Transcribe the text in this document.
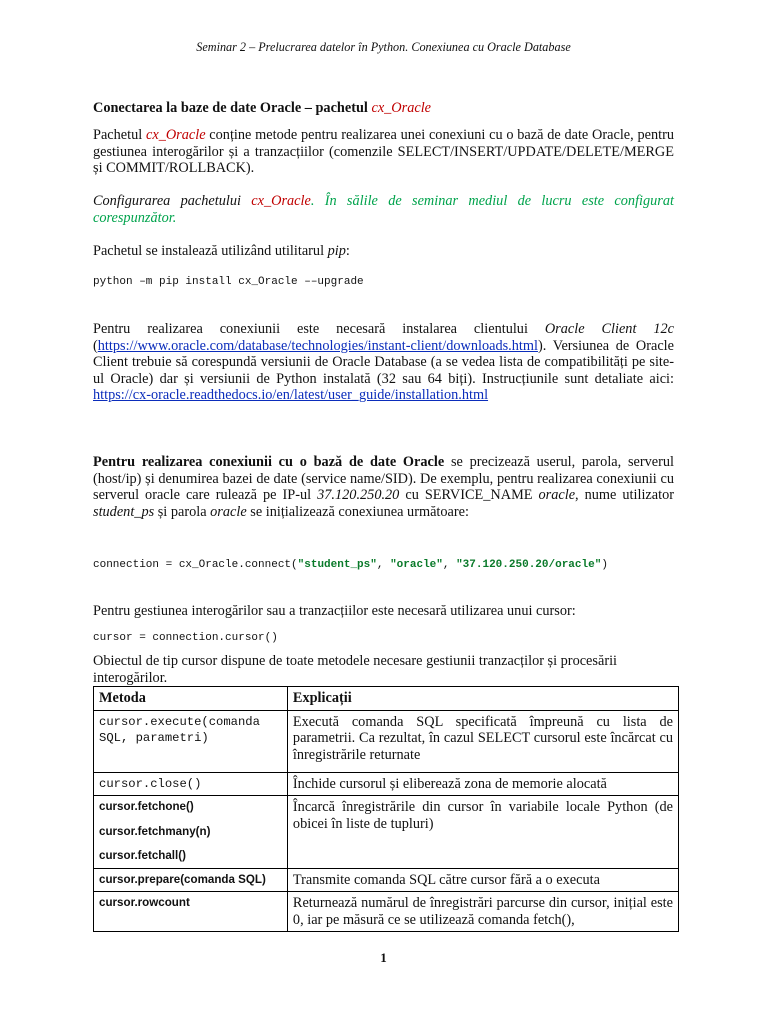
Seminar 2 – Prelucrarea datelor în Python. Conexiunea cu Oracle Database
Conectarea la baze de date Oracle – pachetul cx_Oracle
Pachetul cx_Oracle conține metode pentru realizarea unei conexiuni cu o bază de date Oracle, pentru gestiunea interogărilor și a tranzacțiilor (comenzile SELECT/INSERT/UPDATE/DELETE/MERGE și COMMIT/ROLLBACK).
Configurarea pachetului cx_Oracle. În sălile de seminar mediul de lucru este configurat corespunzător.
Pachetul se instalează utilizând utilitarul pip:
python –m pip install cx_Oracle ––upgrade
Pentru realizarea conexiunii este necesară instalarea clientului Oracle Client 12c (https://www.oracle.com/database/technologies/instant-client/downloads.html). Versiunea de Oracle Client trebuie să corespundă versiunii de Oracle Database (a se vedea lista de compatibilități pe site-ul Oracle) dar și versiunii de Python instalată (32 sau 64 biți). Instrucțiunile sunt detaliate aici: https://cx-oracle.readthedocs.io/en/latest/user_guide/installation.html
Pentru realizarea conexiunii cu o bază de date Oracle se precizează userul, parola, serverul (host/ip) și denumirea bazei de date (service name/SID). De exemplu, pentru realizarea conexiunii cu serverul oracle care rulează pe IP-ul 37.120.250.20 cu SERVICE_NAME oracle, nume utilizator student_ps și parola oracle se inițializează conexiunea următoare:
connection = cx_Oracle.connect("student_ps", "oracle", "37.120.250.20/oracle")
Pentru gestiunea interogărilor sau a tranzacțiilor este necesară utilizarea unui cursor:
cursor = connection.cursor()
Obiectul de tip cursor dispune de toate metodele necesare gestiunii tranzacților și procesării interogărilor.
Metoda	Explicații
cursor.execute(comanda SQL, parametri)	Execută comanda SQL specificată împreună cu lista de parametrii. Ca rezultat, în cazul SELECT cursorul este încărcat cu înregistrările returnate
cursor.close()	Închide cursorul și eliberează zona de memorie alocată

cursor.fetchone()
cursor.fetchmany(n)
cursor.fetchall()	Încarcă înregistrările din cursor în variabile locale Python (de obicei în liste de tupluri)
cursor.prepare(comanda SQL)	Transmite comanda SQL către cursor fără a o executa
cursor.rowcount	Returnează numărul de înregistrări parcurse din cursor, inițial este 0, iar pe măsură ce se utilizează comanda fetch(),
1
